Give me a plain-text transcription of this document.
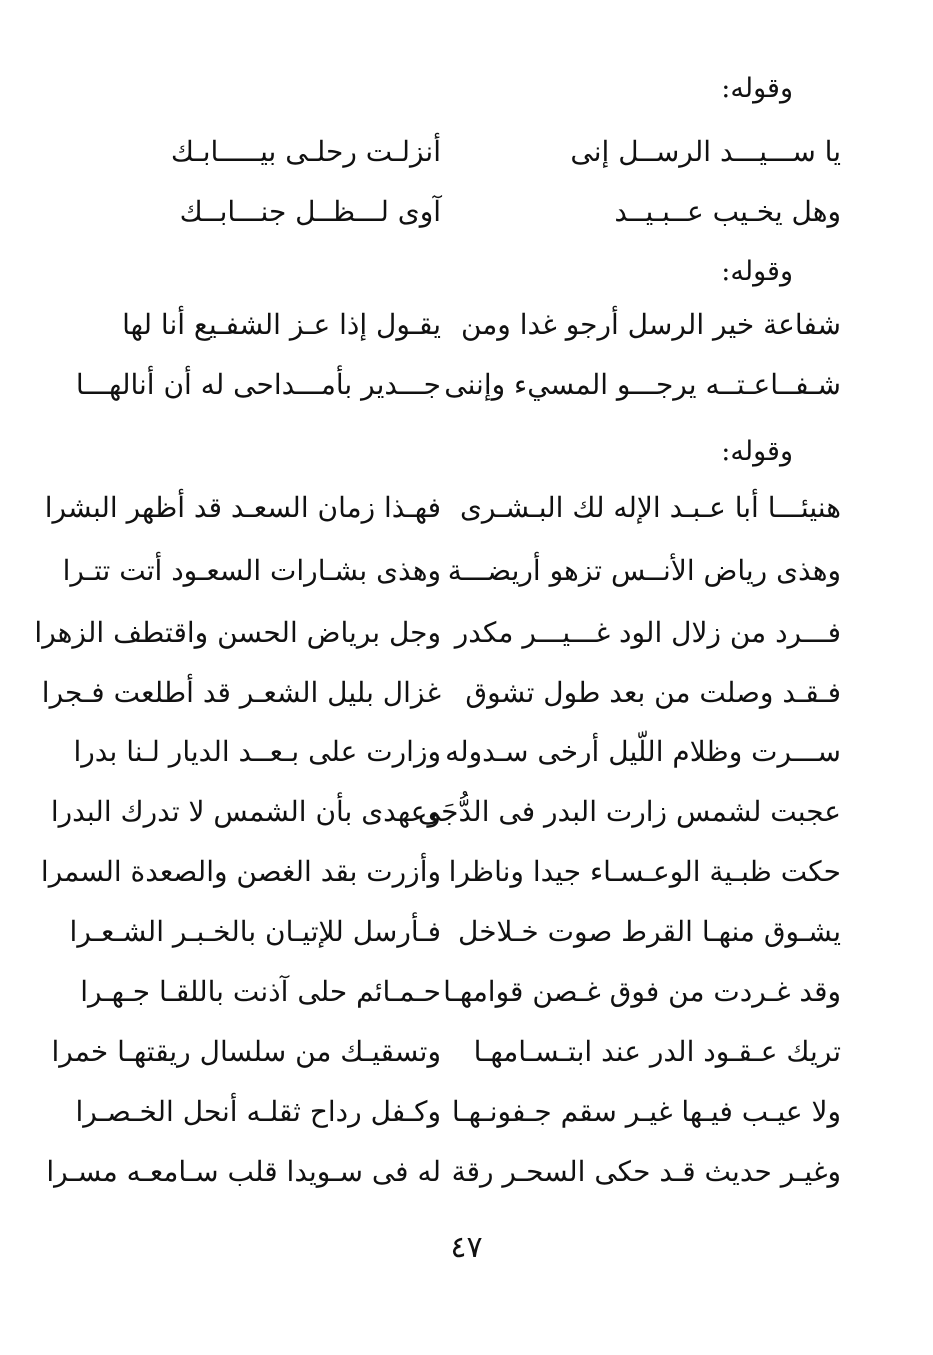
وقوله:
يا ســـيـــد الرســل إنى
أنزلـت رحلـى بيـــــابـك
وهل يخـيب عــبـيــد
آوى لـــظــل جنـــابــك
وقوله:
شفاعة خير الرسل أرجو غدا ومن
يقـول إذا عـز الشفـيع أنا لها
شـفــاعـتــه يرجـــو المسيء وإننى
جـــدير بأمـــداحى له أن أنالهـــا
وقوله:
هنيئـــا أبا عـبـد الإله لك البـشـرى
فهـذا زمان السعـد قد أظهر البشرا
وهذى رياض الأنــس تزهو أريضـــة
وهذى بشـارات السعـود أتت تتـرا
فـــرد من زلال الود غـــيـــر مكدر
وجل برياض الحسن واقتطف الزهرا
فـقـد وصلت من بعد طول تشوق
غزال بليل الشعـر قد أطلعت فـجرا
ســـرت وظلام اللّيل أرخى سـدوله
وزارت على بـعــد الديار لـنا بدرا
عجبت لشمس زارت البدر فى الدُّجَى
وعهدى بأن الشمس لا تدرك البدرا
حكت ظبـية الوعـسـاء جيدا وناظرا
وأزرت بقد الغصن والصعدة السمرا
يشـوق منهـا القرط صوت خـلاخل
فـأرسل للإتيـان بالخـبـر الشـعـرا
وقد غـردت من فوق غـصن قوامهـا
حـمـائم حلى آذنت باللقـا جـهـرا
تريك عـقـود الدر عند ابتـسـامهـا
وتسقيـك من سلسال ريقتهـا خمرا
ولا عيـب فيـها غيـر سقم جـفونـهـا
وكـفل رداح ثقلـه أنحل الخـصـرا
وغيـر حديث قـد حكى السحـر رقة
له فى سـويدا قلب سـامعـه مسـرا
٤٧
